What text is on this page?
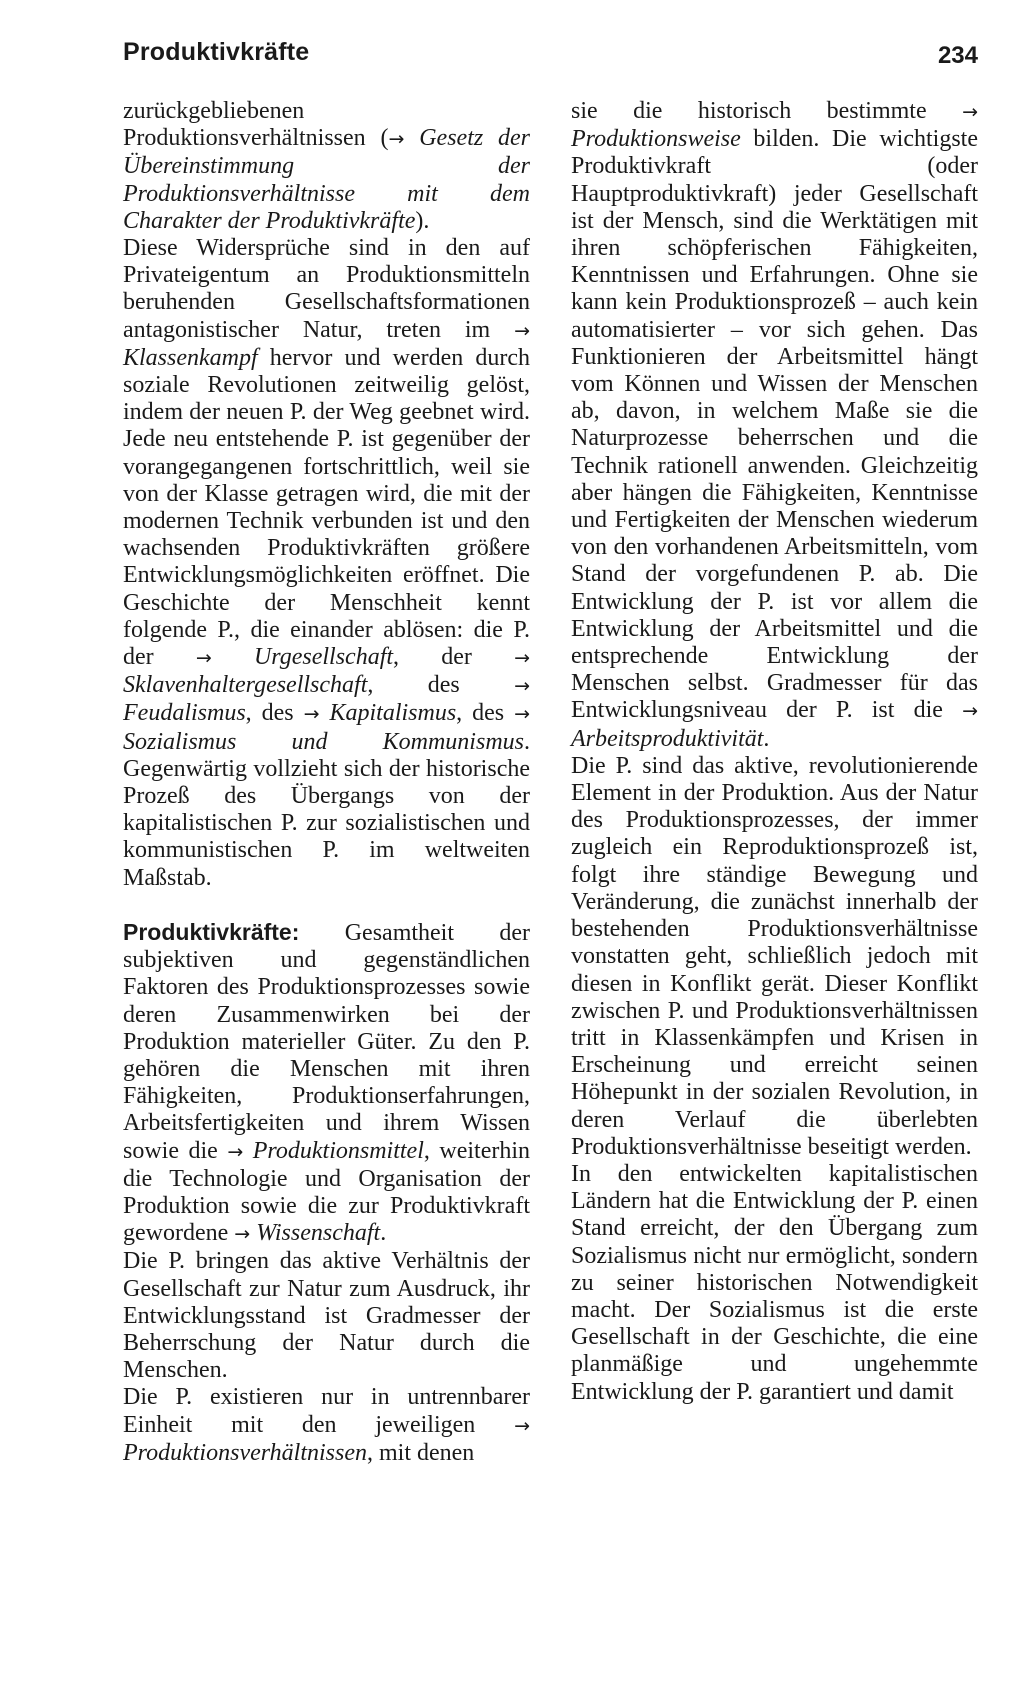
Produktivkräfte	234

zurückgebliebenen Produktionsverhältnissen (→ Gesetz der Übereinstimmung der Produktionsverhältnisse mit dem Charakter der Produktivkräfte).

Diese Widersprüche sind in den auf Privateigentum an Produktionsmitteln beruhenden Gesellschaftsformationen antagonistischer Natur, treten im → Klassenkampf hervor und werden durch soziale Revolutionen zeitweilig gelöst, indem der neuen P. der Weg geebnet wird. Jede neu entstehende P. ist gegenüber der vorangegangenen fortschrittlich, weil sie von der Klasse getragen wird, die mit der modernen Technik verbunden ist und den wachsenden Produktivkräften größere Entwicklungsmöglichkeiten eröffnet. Die Geschichte der Menschheit kennt folgende P., die einander ablösen: die P. der → Urgesellschaft, der → Sklavenhaltergesellschaft, des → Feudalismus, des → Kapitalismus, des → Sozialismus und Kommunismus. Gegenwärtig vollzieht sich der historische Prozeß des Übergangs von der kapitalistischen P. zur sozialistischen und kommunistischen P. im weltweiten Maßstab.

Produktivkräfte: Gesamtheit der subjektiven und gegenständlichen Faktoren des Produktionsprozesses sowie deren Zusammenwirken bei der Produktion materieller Güter. Zu den P. gehören die Menschen mit ihren Fähigkeiten, Produktionserfahrungen, Arbeitsfertigkeiten und ihrem Wissen sowie die → Produktionsmittel, weiterhin die Technologie und Organisation der Produktion sowie die zur Produktivkraft gewordene → Wissenschaft.

Die P. bringen das aktive Verhältnis der Gesellschaft zur Natur zum Ausdruck, ihr Entwicklungsstand ist Gradmesser der Beherrschung der Natur durch die Menschen.

Die P. existieren nur in untrennbarer Einheit mit den jeweiligen → Produktionsverhältnissen, mit denen

sie die historisch bestimmte → Produktionsweise bilden. Die wichtigste Produktivkraft (oder Hauptproduktivkraft) jeder Gesellschaft ist der Mensch, sind die Werktätigen mit ihren schöpferischen Fähigkeiten, Kenntnissen und Erfahrungen. Ohne sie kann kein Produktionsprozeß – auch kein automatisierter – vor sich gehen. Das Funktionieren der Arbeitsmittel hängt vom Können und Wissen der Menschen ab, davon, in welchem Maße sie die Naturprozesse beherrschen und die Technik rationell anwenden. Gleichzeitig aber hängen die Fähigkeiten, Kenntnisse und Fertigkeiten der Menschen wiederum von den vorhandenen Arbeitsmitteln, vom Stand der vorgefundenen P. ab. Die Entwicklung der P. ist vor allem die Entwicklung der Arbeitsmittel und die entsprechende Entwicklung der Menschen selbst. Gradmesser für das Entwicklungsniveau der P. ist die → Arbeitsproduktivität.

Die P. sind das aktive, revolutionierende Element in der Produktion. Aus der Natur des Produktionsprozesses, der immer zugleich ein Reproduktionsprozeß ist, folgt ihre ständige Bewegung und Veränderung, die zunächst innerhalb der bestehenden Produktionsverhältnisse vonstatten geht, schließlich jedoch mit diesen in Konflikt gerät. Dieser Konflikt zwischen P. und Produktionsverhältnissen tritt in Klassenkämpfen und Krisen in Erscheinung und erreicht seinen Höhepunkt in der sozialen Revolution, in deren Verlauf die überlebten Produktionsverhältnisse beseitigt werden.

In den entwickelten kapitalistischen Ländern hat die Entwicklung der P. einen Stand erreicht, der den Übergang zum Sozialismus nicht nur ermöglicht, sondern zu seiner historischen Notwendigkeit macht. Der Sozialismus ist die erste Gesellschaft in der Geschichte, die eine planmäßige und ungehemmte Entwicklung der P. garantiert und damit
